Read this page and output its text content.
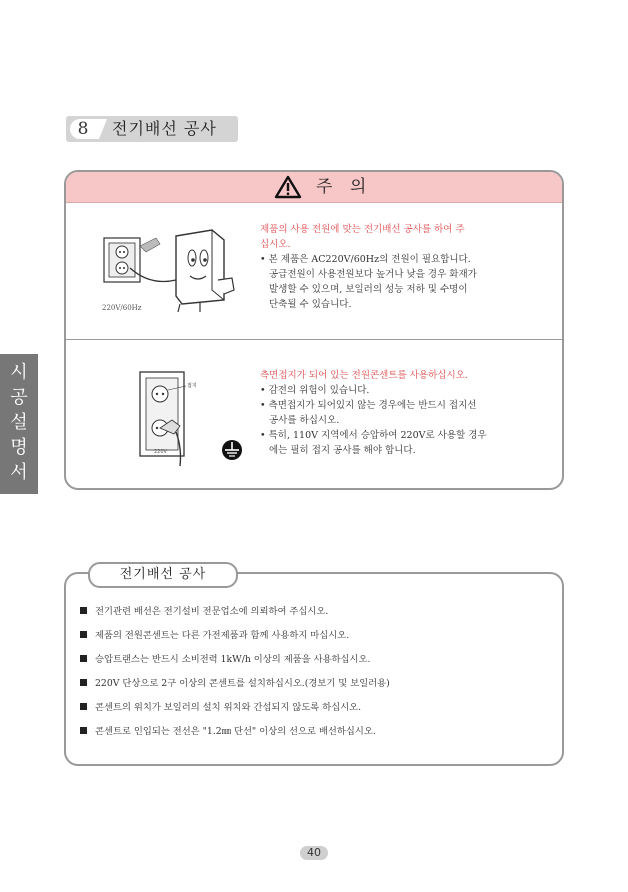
8	전기배선 공사
주 의
220V/60Hz

제품의 사용 전원에 맞는 전기배선 공사를 하여 주

십시오.

• 본 제품은 AC220V/60Hz의 전원이 필요합니다.

공급전원이 사용전원보다 높거나 낮을 경우 화재가

발생할 수 있으며, 보일러의 성능 저하 및 수명이

단축될 수 있습니다.

접지
220V

측면접지가 되어 있는 전원콘센트를 사용하십시오.

• 감전의 위험이 있습니다.

• 측면접지가 되어있지 않는 경우에는 반드시 접지선

공사를 하십시오.

• 특히, 110V 지역에서 승압하여 220V로 사용할 경우

에는 필히 접지 공사를 해야 합니다.

시
공
설
명
서
전기배선 공사
전기관련 배선은 전기설비 전문업소에 의뢰하여 주십시오.
제품의 전원콘센트는 다른 가전제품과 함께 사용하지 마십시오.
승압트랜스는 반드시 소비전력 1kW/h 이상의 제품을 사용하십시오.
220V 단상으로 2구 이상의 콘센트를 설치하십시오.(경보기 및 보일러용)
콘센트의 위치가 보일러의 설치 위치와 간섭되지 않도록 하십시오.
콘센트로 인입되는 전선은 "1.2㎜ 단선" 이상의 선으로 배선하십시오.
40
